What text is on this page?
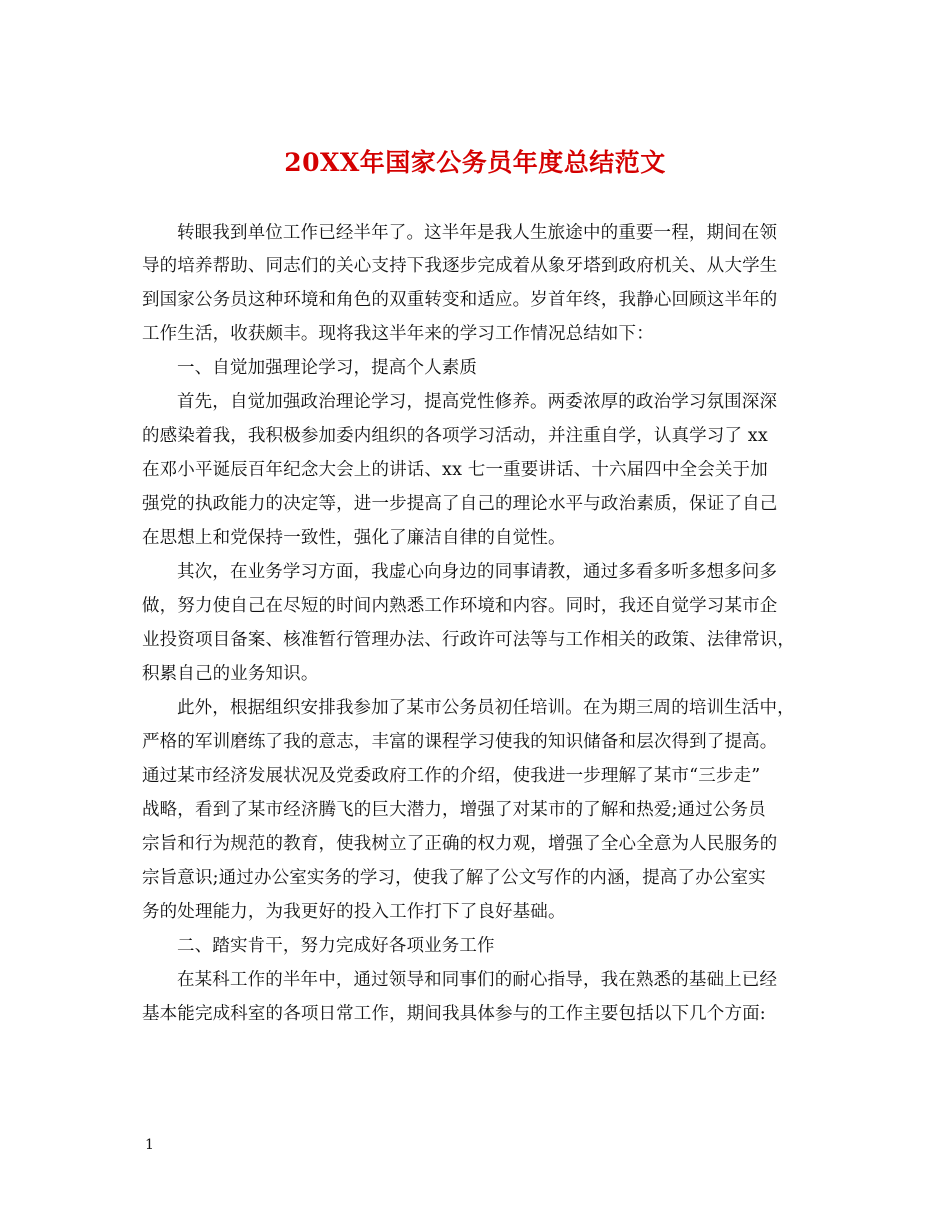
20XX年国家公务员年度总结范文
转眼我到单位工作已经半年了。这半年是我人生旅途中的重要一程，期间在领
导的培养帮助、同志们的关心支持下我逐步完成着从象牙塔到政府机关、从大学生
到国家公务员这种环境和角色的双重转变和适应。岁首年终，我静心回顾这半年的
工作生活，收获颇丰。现将我这半年来的学习工作情况总结如下：
一、自觉加强理论学习，提高个人素质
首先，自觉加强政治理论学习，提高党性修养。两委浓厚的政治学习氛围深深
的感染着我，我积极参加委内组织的各项学习活动，并注重自学，认真学习了 xx
在邓小平诞辰百年纪念大会上的讲话、xx 七一重要讲话、十六届四中全会关于加
强党的执政能力的决定等，进一步提高了自己的理论水平与政治素质，保证了自己
在思想上和党保持一致性，强化了廉洁自律的自觉性。
其次，在业务学习方面，我虚心向身边的同事请教，通过多看多听多想多问多
做，努力使自己在尽短的时间内熟悉工作环境和内容。同时，我还自觉学习某市企
业投资项目备案、核准暂行管理办法、行政许可法等与工作相关的政策、法律常识，
积累自己的业务知识。
此外，根据组织安排我参加了某市公务员初任培训。在为期三周的培训生活中，
严格的军训磨练了我的意志，丰富的课程学习使我的知识储备和层次得到了提高。
通过某市经济发展状况及党委政府工作的介绍，使我进一步理解了某市“三步走”
战略，看到了某市经济腾飞的巨大潜力，增强了对某市的了解和热爱;通过公务员
宗旨和行为规范的教育，使我树立了正确的权力观，增强了全心全意为人民服务的
宗旨意识;通过办公室实务的学习，使我了解了公文写作的内涵，提高了办公室实
务的处理能力，为我更好的投入工作打下了良好基础。
二、踏实肯干，努力完成好各项业务工作
在某科工作的半年中，通过领导和同事们的耐心指导，我在熟悉的基础上已经
基本能完成科室的各项日常工作，期间我具体参与的工作主要包括以下几个方面:
1
